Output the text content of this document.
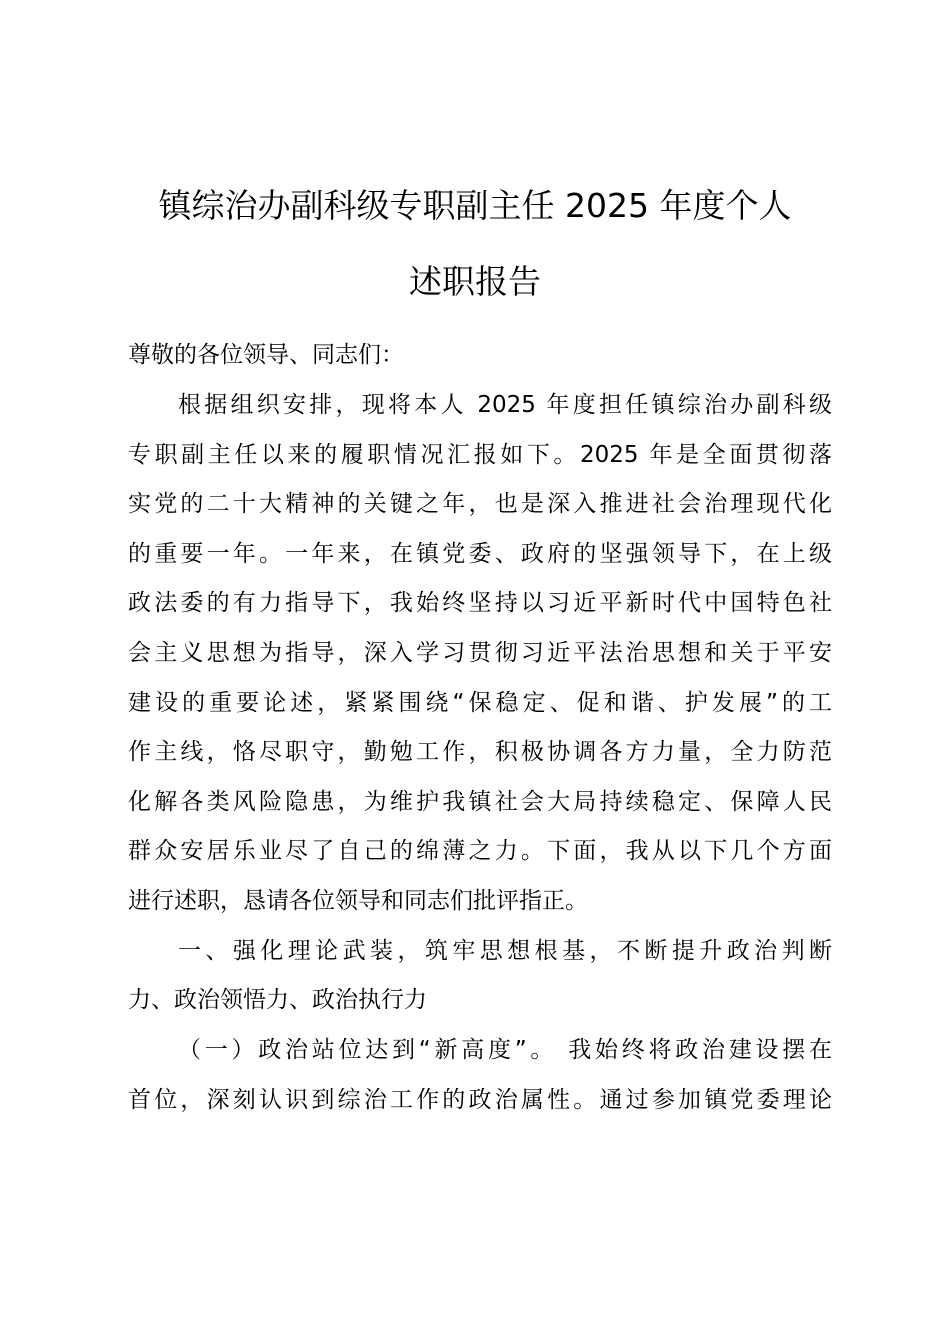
镇综治办副科级专职副主任 2025 年度个人
述职报告
尊敬的各位领导、同志们：
根据组织安排，现将本人 2025 年度担任镇综治办副科级
专职副主任以来的履职情况汇报如下。2025 年是全面贯彻落
实党的二十大精神的关键之年，也是深入推进社会治理现代化
的重要一年。一年来，在镇党委、政府的坚强领导下，在上级
政法委的有力指导下，我始终坚持以习近平新时代中国特色社
会主义思想为指导，深入学习贯彻习近平法治思想和关于平安
建设的重要论述，紧紧围绕“保稳定、促和谐、护发展”的工
作主线，恪尽职守，勤勉工作，积极协调各方力量，全力防范
化解各类风险隐患，为维护我镇社会大局持续稳定、保障人民
群众安居乐业尽了自己的绵薄之力。下面，我从以下几个方面
进行述职，恳请各位领导和同志们批评指正。
一、强化理论武装，筑牢思想根基，不断提升政治判断
力、政治领悟力、政治执行力
（一）政治站位达到“新高度”。 我始终将政治建设摆在
首位，深刻认识到综治工作的政治属性。通过参加镇党委理论
